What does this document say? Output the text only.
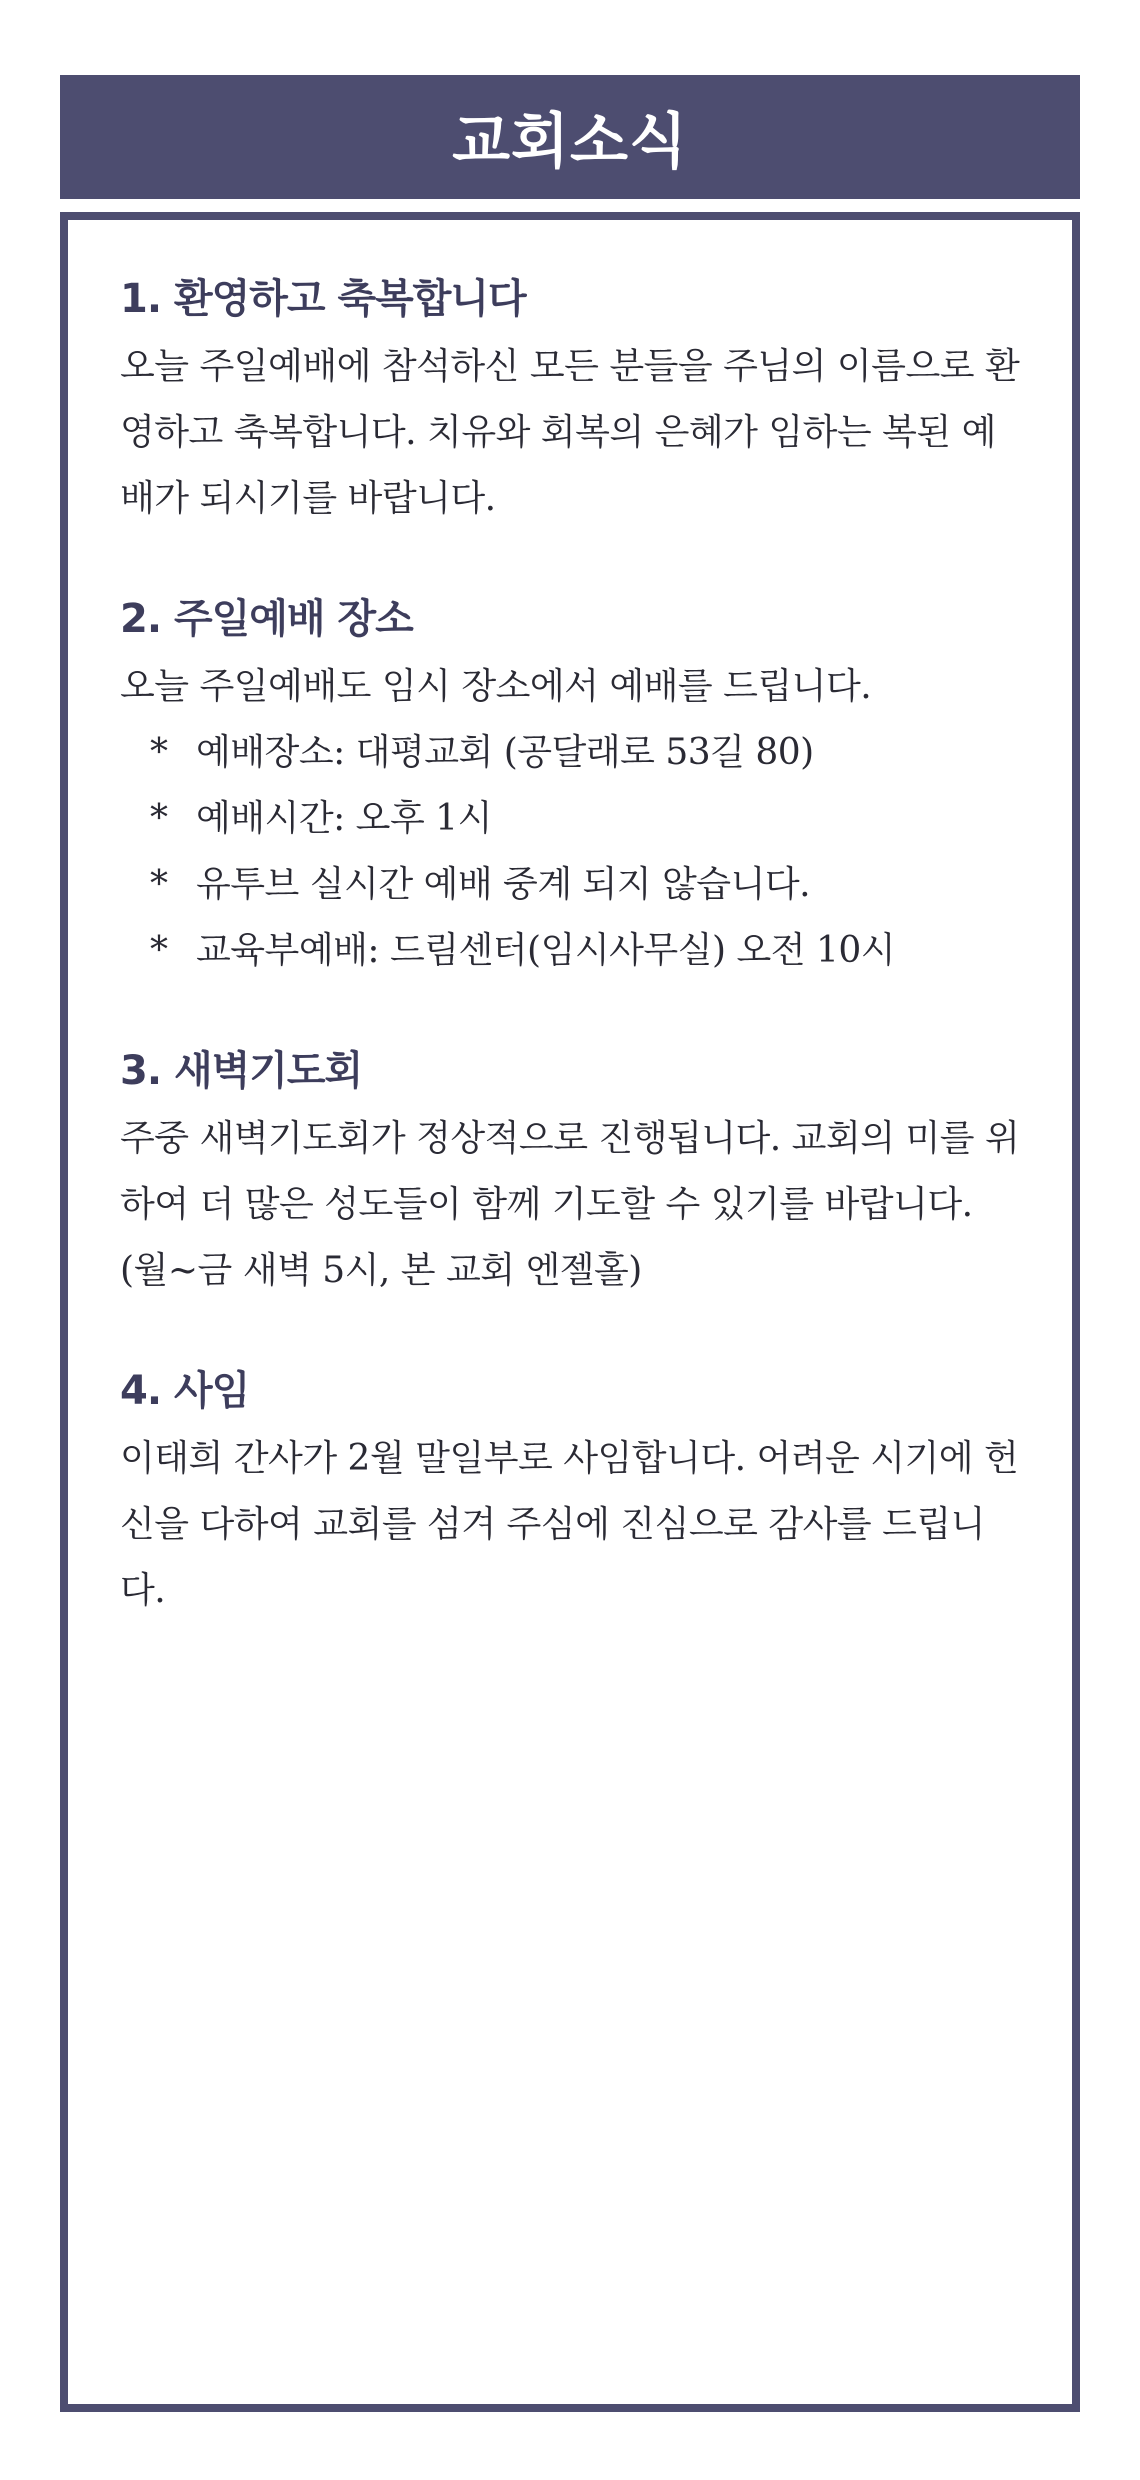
교회소식
1. 환영하고 축복합니다

오늘 주일예배에 참석하신 모든 분들을 주님의 이름으로 환영하고 축복합니다. 치유와 회복의 은혜가 임하는 복된 예배가 되시기를 바랍니다.

2. 주일예배 장소

오늘 주일예배도 임시 장소에서 예배를 드립니다.

* 예배장소: 대평교회 (공달래로 53길 80)
* 예배시간: 오후 1시
* 유투브 실시간 예배 중계 되지 않습니다.
* 교육부예배: 드림센터(임시사무실) 오전 10시
3. 새벽기도회

주중 새벽기도회가 정상적으로 진행됩니다. 교회의 미를 위하여 더 많은 성도들이 함께 기도할 수 있기를 바랍니다. (월~금 새벽 5시, 본 교회 엔젤홀)

4. 사임

이태희 간사가 2월 말일부로 사임합니다. 어려운 시기에 헌신을 다하여 교회를 섬겨 주심에 진심으로 감사를 드립니다.
